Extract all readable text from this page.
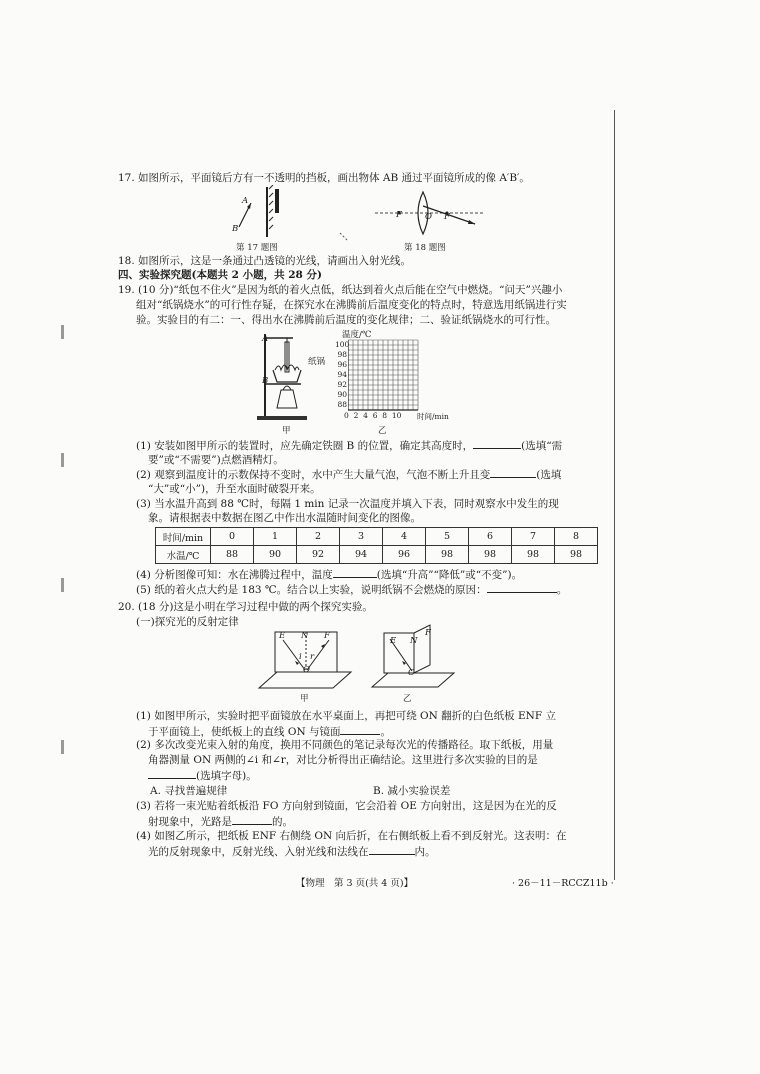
17. 如图所示，平面镜后方有一不透明的挡板，画出物体 AB 通过平面镜所成的像 A′B′。
A
B
第 17 题图
F	O F
第 18 题图
18. 如图所示，这是一条通过凸透镜的光线，请画出入射光线。
四、实验探究题(本题共 2 小题，共 28 分)
19. (10 分)“纸包不住火”是因为纸的着火点低，纸达到着火点后能在空气中燃烧。“问天”兴趣小
组对“纸锅烧水”的可行性存疑，在探究水在沸腾前后温度变化的特点时，特意选用纸锅进行实
验。实验目的有二：一、得出水在沸腾前后温度的变化规律；二、验证纸锅烧水的可行性。
A
B
纸锅
甲
温度/℃
100
98
96
94
92
90
88
0 2 4 6 8 10 时间/min
乙
(1) 安装如图甲所示的装置时，应先确定铁圈 B 的位置，确定其高度时，	(选填“需
要”或“不需要”)点燃酒精灯。
(2) 观察到温度计的示数保持不变时，水中产生大量气泡，气泡不断上升且变	(选填
“大”或“小”)，升至水面时破裂开来。
(3) 当水温升高到 88 ℃时，每隔 1 min 记录一次温度并填入下表，同时观察水中发生的现
象。请根据表中数据在图乙中作出水温随时间变化的图像。
时间/min	0	1	2	3	4	5	6	7	8
水温/℃	88	90	92	94	96	98	98	98	98
(4) 分析图像可知：水在沸腾过程中，温度	(选填“升高”“降低”或“不变”)。
(5) 纸的着火点大约是 183 ℃。结合以上实验，说明纸锅不会燃烧的原因：	。
20. (18 分)这是小明在学习过程中做的两个探究实验。
(一)探究光的反射定律
E N F
i r
O
甲
E N
F
O
乙
(1) 如图甲所示，实验时把平面镜放在水平桌面上，再把可绕 ON 翻折的白色纸板 ENF 立
于平面镜上，使纸板上的直线 ON 与镜面	。
(2) 多次改变光束入射的角度，换用不同颜色的笔记录每次光的传播路径。取下纸板，用量
角器测量 ON 两侧的∠i 和∠r，对比分析得出正确结论。这里进行多次实验的目的是
(选填字母)。
A. 寻找普遍规律	B. 减小实验误差
(3) 若将一束光贴着纸板沿 FO 方向射到镜面，它会沿着 OE 方向射出，这是因为在光的反
射现象中，光路是	的。
(4) 如图乙所示，把纸板 ENF 右侧绕 ON 向后折，在右侧纸板上看不到反射光。这表明：在
光的反射现象中，反射光线、入射光线和法线在	内。
【物理　第 3 页(共 4 页)】	· 26－11－RCCZ11b ·
